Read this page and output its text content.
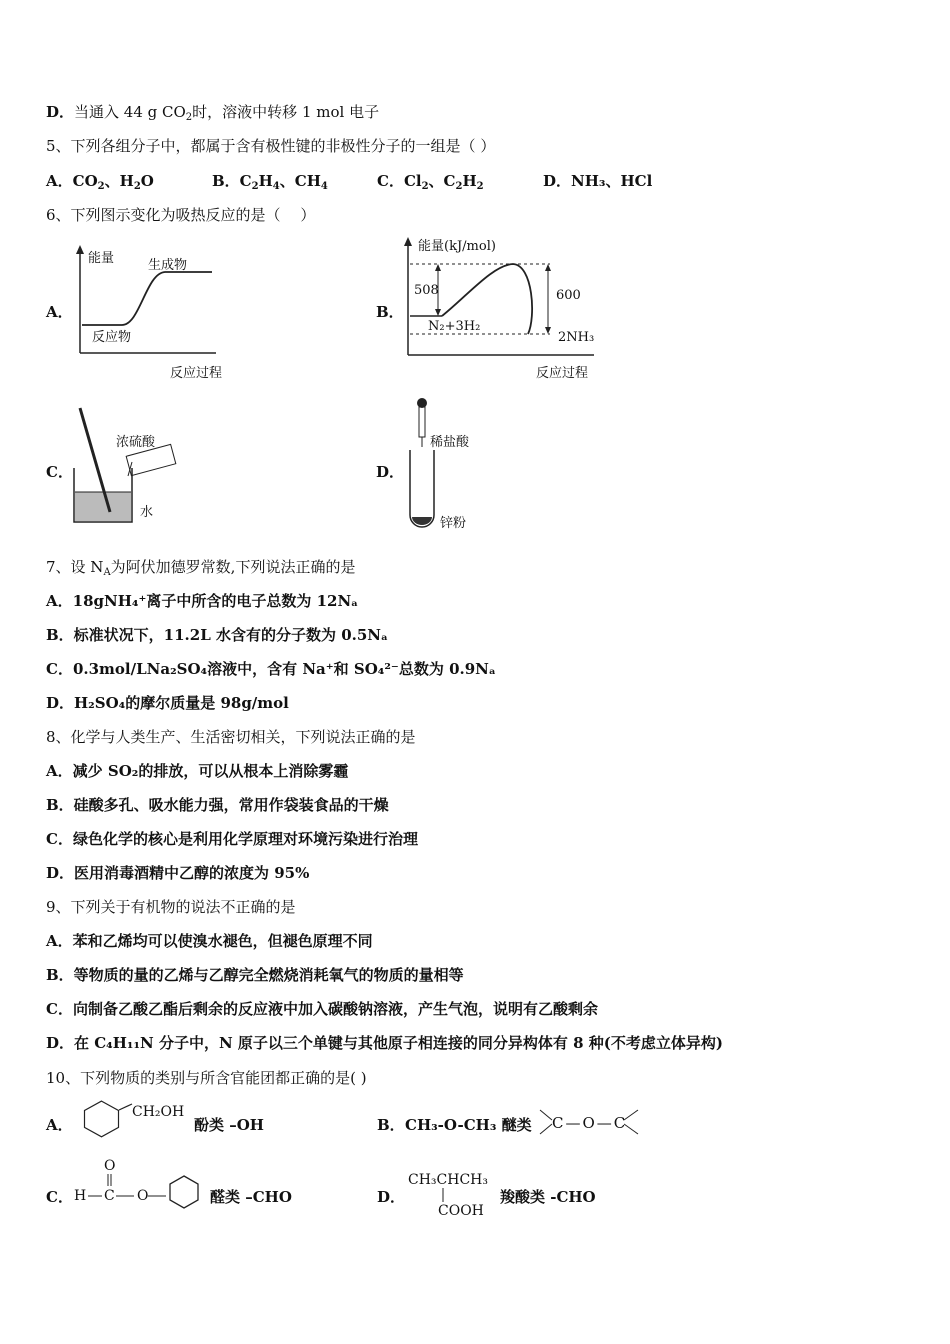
D．当通入 44 g $CO_2$时，溶液中转移 1 mol 电子
5、下列各组分子中，都属于含有极性键的非极性分子的一组是（ ）
A．$CO_2$、$H_2O$	B．$C_2H_4$、$CH_4$	C．$Cl_2$、$C_2H_2$	D．NH₃、HCl
6、下列图示变化为吸热反应的是（　 ）
A．
能量	生成物
反应物
反应过程
B．
能量(kJ/mol)
508	600
N₂+3H₂
2NH₃
反应过程
C．
浓硫酸
水
D．
稀盐酸
锌粉
7、设 $N_A$为阿伏加德罗常数,下列说法正确的是
A．18gNH₄⁺离子中所含的电子总数为 12Nₐ
B．标准状况下，11.2L 水含有的分子数为 0.5Nₐ
C．0.3mol/LNa₂SO₄溶液中，含有 Na⁺和 SO₄²⁻总数为 0.9Nₐ
D．H₂SO₄的摩尔质量是 98g/mol
8、化学与人类生产、生活密切相关，下列说法正确的是
A．减少 SO₂的排放，可以从根本上消除雾霾
B．硅酸多孔、吸水能力强，常用作袋装食品的干燥
C．绿色化学的核心是利用化学原理对环境污染进行治理
D．医用消毒酒精中乙醇的浓度为 95%
9、下列关于有机物的说法不正确的是
A．苯和乙烯均可以使溴水褪色，但褪色原理不同
B．等物质的量的乙烯与乙醇完全燃烧消耗氧气的物质的量相等
C．向制备乙酸乙酯后剩余的反应液中加入碳酸钠溶液，产生气泡，说明有乙酸剩余
D．在 C₄H₁₁N 分子中，N 原子以三个单键与其他原子相连接的同分异构体有 8 种(不考虑立体异构)
10、下列物质的类别与所含官能团都正确的是( )
A．
CH₂OH
酚类 –OH	B． CH₃-O-CH₃ 醚类 C—O—C
C．
O
H C O	醛类 –CHO	D．
CH₃CHCH₃
COOH
羧酸类 -CHO
